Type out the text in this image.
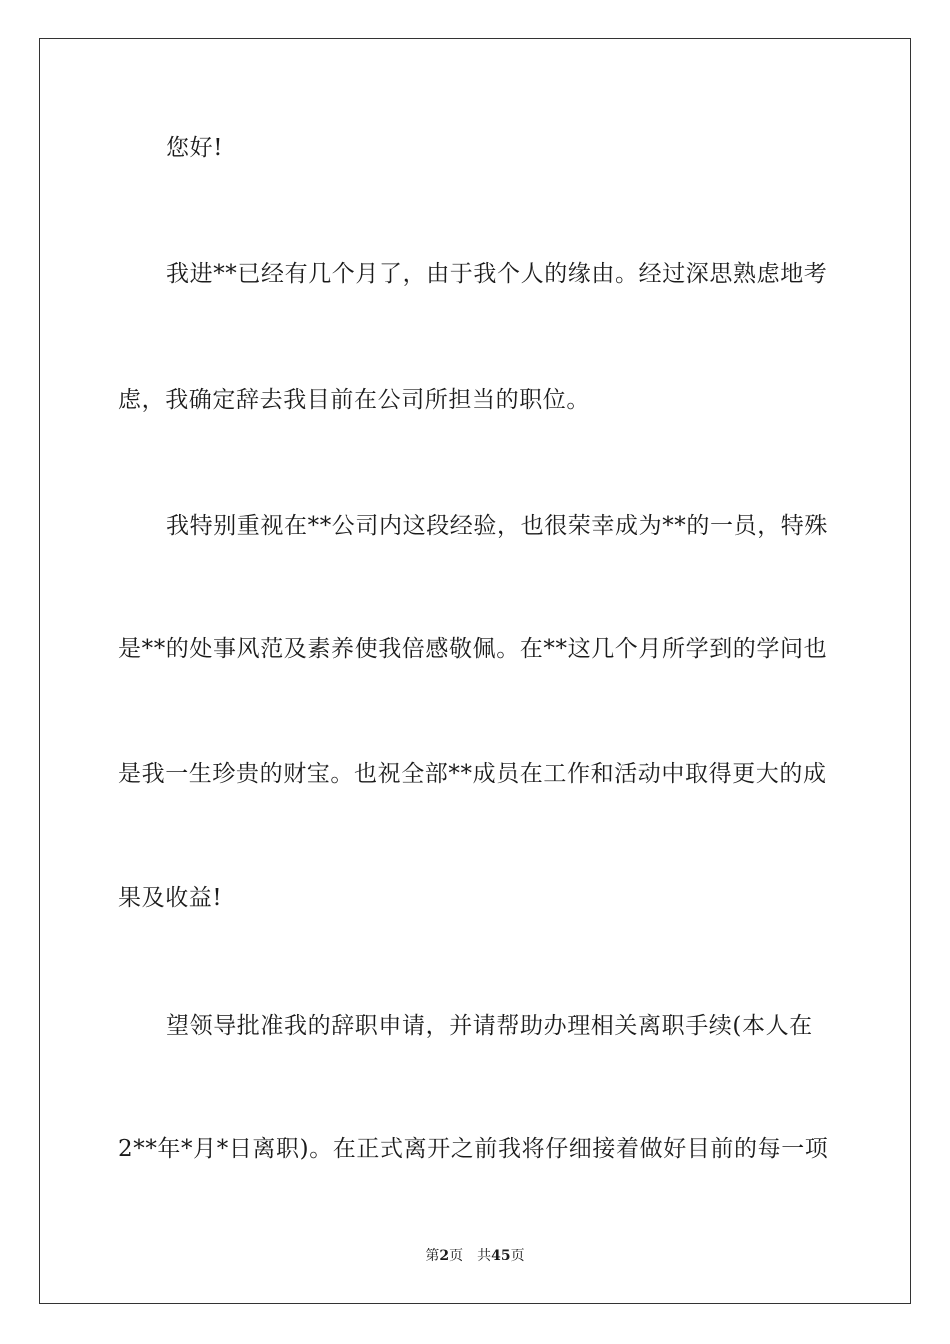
您好!
我进**已经有几个月了，由于我个人的缘由。经过深思熟虑地考
虑，我确定辞去我目前在公司所担当的职位。
我特别重视在**公司内这段经验，也很荣幸成为**的一员，特殊
是**的处事风范及素养使我倍感敬佩。在**这几个月所学到的学问也
是我一生珍贵的财宝。也祝全部**成员在工作和活动中取得更大的成
果及收益!
望领导批准我的辞职申请，并请帮助办理相关离职手续(本人在
2**年*月*日离职)。在正式离开之前我将仔细接着做好目前的每一项
第2页 共45页
